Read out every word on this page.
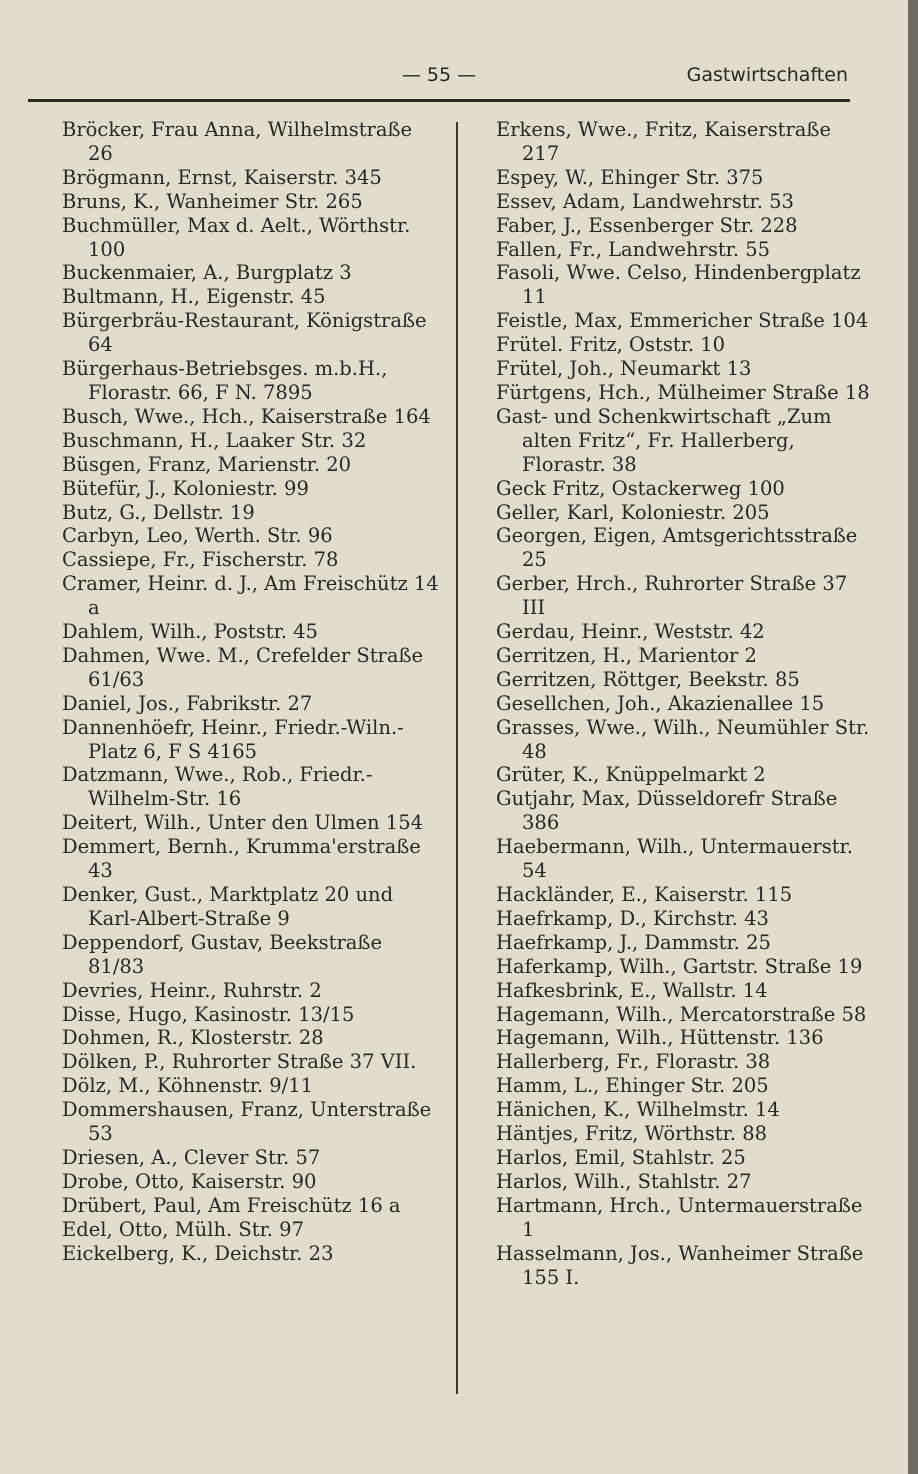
— 55 —	Gastwirtschaften
Bröcker, Frau Anna, Wilhelmstraße 26
Brögmann, Ernst, Kaiserstr. 345
Bruns, K., Wanheimer Str. 265
Buchmüller, Max d. Aelt., Wörthstr. 100
Buckenmaier, A., Burgplatz 3
Bultmann, H., Eigenstr. 45
Bürgerbräu-Restaurant, Königstraße 64
Bürgerhaus-Betriebsges. m.b.H., Florastr. 66, F N. 7895
Busch, Wwe., Hch., Kaiserstraße 164
Buschmann, H., Laaker Str. 32
Büsgen, Franz, Marienstr. 20
Bütefür, J., Koloniestr. 99
Butz, G., Dellstr. 19
Carbyn, Leo, Werth. Str. 96
Cassiepe, Fr., Fischerstr. 78
Cramer, Heinr. d. J., Am Freischütz 14 a
Dahlem, Wilh., Poststr. 45
Dahmen, Wwe. M., Crefelder Straße 61/63
Daniel, Jos., Fabrikstr. 27
Dannenhöefr, Heinr., Friedr.-Wiln.-Platz 6, F S 4165
Datzmann, Wwe., Rob., Friedr.-Wilhelm-Str. 16
Deitert, Wilh., Unter den Ulmen 154
Demmert, Bernh., Krumma'erstraße 43
Denker, Gust., Marktplatz 20 und Karl-Albert-Straße 9
Deppendorf, Gustav, Beekstraße 81/83
Devries, Heinr., Ruhrstr. 2
Disse, Hugo, Kasinostr. 13/15
Dohmen, R., Klosterstr. 28
Dölken, P., Ruhrorter Straße 37 VII.
Dölz, M., Köhnenstr. 9/11
Dommershausen, Franz, Unterstraße 53
Driesen, A., Clever Str. 57
Drobe, Otto, Kaiserstr. 90
Drübert, Paul, Am Freischütz 16 a
Edel, Otto, Mülh. Str. 97
Eickelberg, K., Deichstr. 23
Erkens, Wwe., Fritz, Kaiserstraße 217
Espey, W., Ehinger Str. 375
Essev, Adam, Landwehrstr. 53
Faber, J., Essenberger Str. 228
Fallen, Fr., Landwehrstr. 55
Fasoli, Wwe. Celso, Hindenbergplatz 11
Feistle, Max, Emmericher Straße 104
Frütel. Fritz, Oststr. 10
Frütel, Joh., Neumarkt 13
Fürtgens, Hch., Mülheimer Straße 18
Gast- und Schenkwirtschaft „Zum alten Fritz“, Fr. Hallerberg, Florastr. 38
Geck Fritz, Ostackerweg 100
Geller, Karl, Koloniestr. 205
Georgen, Eigen, Amtsgerichtsstraße 25
Gerber, Hrch., Ruhrorter Straße 37 III
Gerdau, Heinr., Weststr. 42
Gerritzen, H., Marientor 2
Gerritzen, Röttger, Beekstr. 85
Gesellchen, Joh., Akazienallee 15
Grasses, Wwe., Wilh., Neumühler Str. 48
Grüter, K., Knüppelmarkt 2
Gutjahr, Max, Düsseldorefr Straße 386
Haebermann, Wilh., Untermauerstr. 54
Hackländer, E., Kaiserstr. 115
Haefrkamp, D., Kirchstr. 43
Haefrkamp, J., Dammstr. 25
Haferkamp, Wilh., Gartstr. Straße 19
Hafkesbrink, E., Wallstr. 14
Hagemann, Wilh., Mercatorstraße 58
Hagemann, Wilh., Hüttenstr. 136
Hallerberg, Fr., Florastr. 38
Hamm, L., Ehinger Str. 205
Hänichen, K., Wilhelmstr. 14
Häntjes, Fritz, Wörthstr. 88
Harlos, Emil, Stahlstr. 25
Harlos, Wilh., Stahlstr. 27
Hartmann, Hrch., Untermauerstraße 1
Hasselmann, Jos., Wanheimer Straße 155 I.
